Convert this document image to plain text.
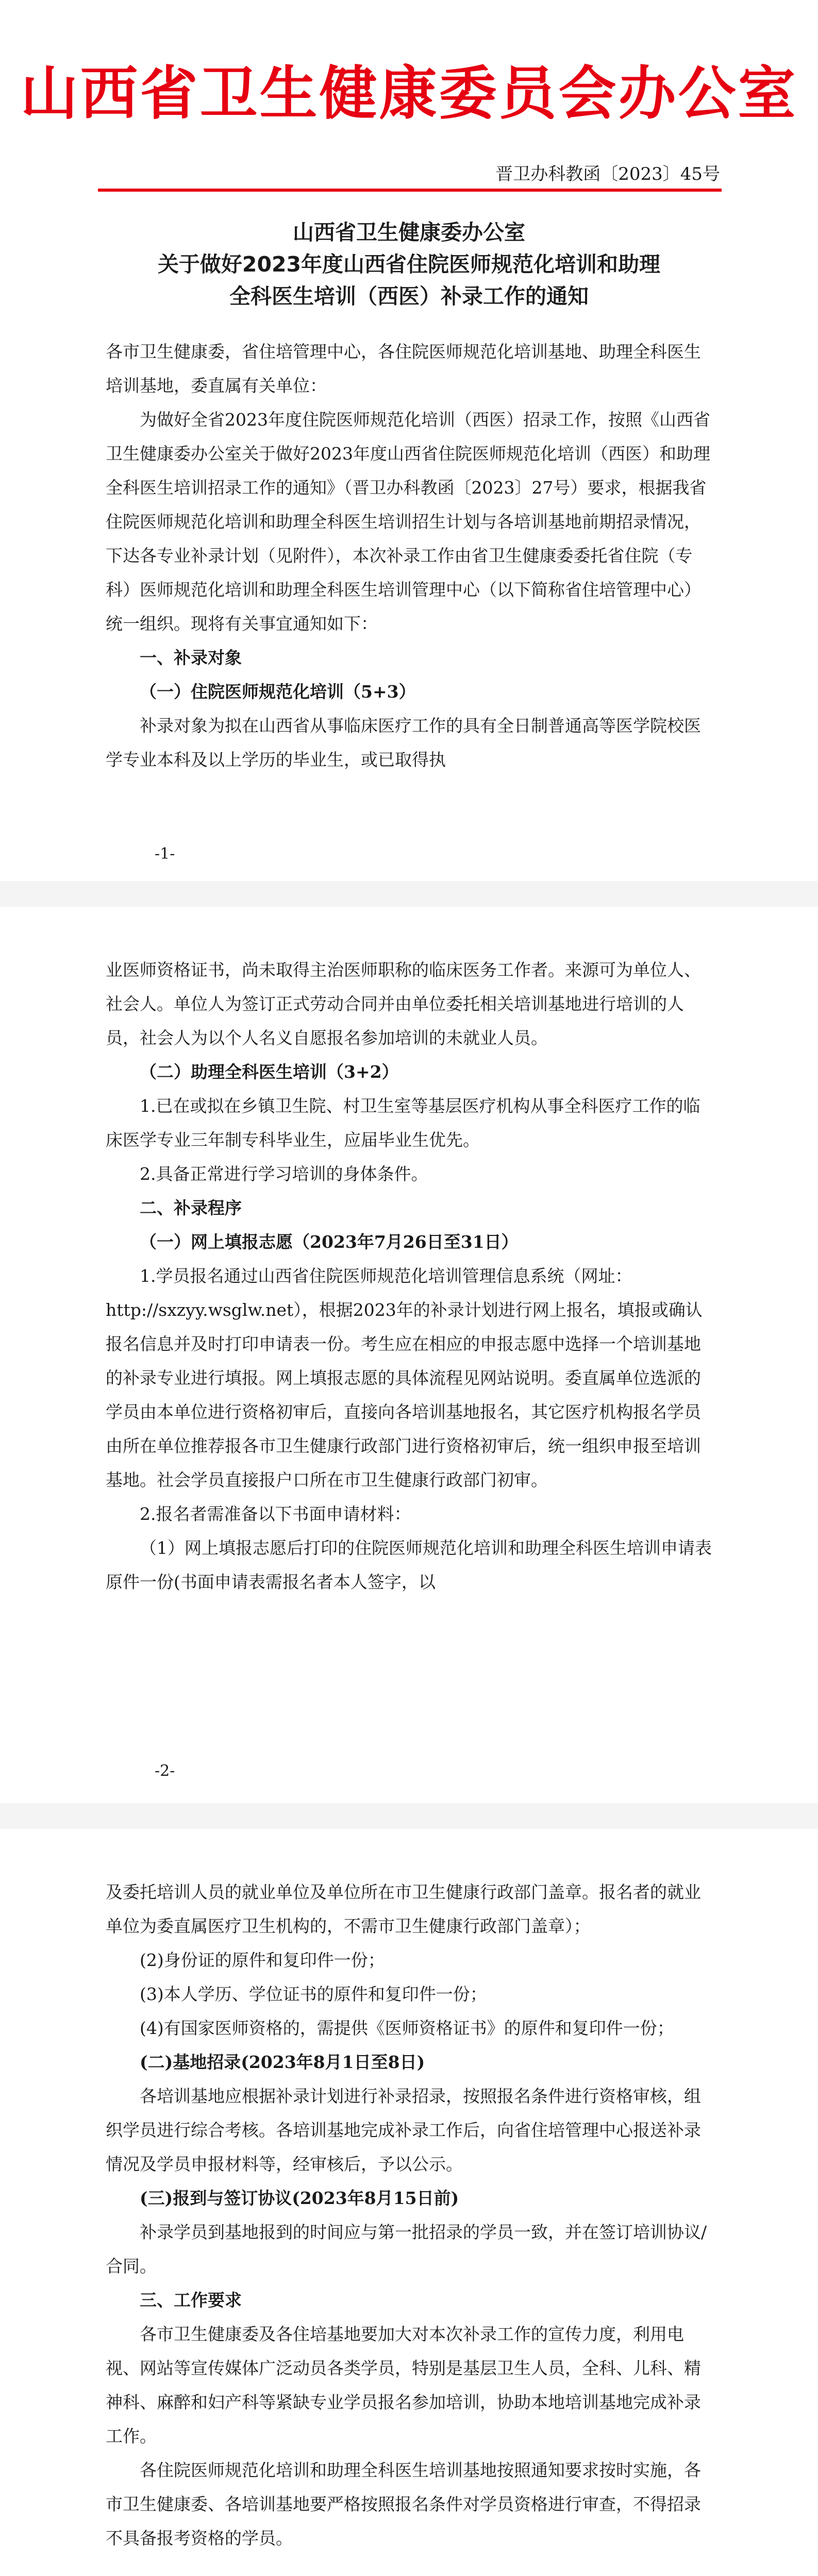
山西省卫生健康委员会办公室
晋卫办科教函〔2023〕45号
山西省卫生健康委办公室
关于做好2023年度山西省住院医师规范化培训和助理
全科医生培训（西医）补录工作的通知

各市卫生健康委，省住培管理中心，各住院医师规范化培训基地、助理全科医生培训基地，委直属有关单位：

为做好全省2023年度住院医师规范化培训（西医）招录工作，按照《山西省卫生健康委办公室关于做好2023年度山西省住院医师规范化培训（西医）和助理全科医生培训招录工作的通知》（晋卫办科教函〔2023〕27号）要求，根据我省住院医师规范化培训和助理全科医生培训招生计划与各培训基地前期招录情况，下达各专业补录计划（见附件），本次补录工作由省卫生健康委委托省住院（专科）医师规范化培训和助理全科医生培训管理中心（以下简称省住培管理中心）统一组织。现将有关事宜通知如下：

一、补录对象

（一）住院医师规范化培训（5+3）

补录对象为拟在山西省从事临床医疗工作的具有全日制普通高等医学院校医学专业本科及以上学历的毕业生，或已取得执

-1-

业医师资格证书，尚未取得主治医师职称的临床医务工作者。来源可为单位人、社会人。单位人为签订正式劳动合同并由单位委托相关培训基地进行培训的人员，社会人为以个人名义自愿报名参加培训的未就业人员。

（二）助理全科医生培训（3+2）

1.已在或拟在乡镇卫生院、村卫生室等基层医疗机构从事全科医疗工作的临床医学专业三年制专科毕业生，应届毕业生优先。

2.具备正常进行学习培训的身体条件。

二、补录程序

（一）网上填报志愿（2023年7月26日至31日）

1.学员报名通过山西省住院医师规范化培训管理信息系统（网址：http://sxzyy.wsglw.net），根据2023年的补录计划进行网上报名，填报或确认报名信息并及时打印申请表一份。考生应在相应的申报志愿中选择一个培训基地的补录专业进行填报。网上填报志愿的具体流程见网站说明。委直属单位选派的学员由本单位进行资格初审后，直接向各培训基地报名，其它医疗机构报名学员由所在单位推荐报各市卫生健康行政部门进行资格初审后，统一组织申报至培训基地。社会学员直接报户口所在市卫生健康行政部门初审。

2.报名者需准备以下书面申请材料：

（1）网上填报志愿后打印的住院医师规范化培训和助理全科医生培训申请表原件一份(书面申请表需报名者本人签字，以

-2-

及委托培训人员的就业单位及单位所在市卫生健康行政部门盖章。报名者的就业单位为委直属医疗卫生机构的，不需市卫生健康行政部门盖章）；

(2)身份证的原件和复印件一份；

(3)本人学历、学位证书的原件和复印件一份；

(4)有国家医师资格的，需提供《医师资格证书》的原件和复印件一份；

(二)基地招录(2023年8月1日至8日)

各培训基地应根据补录计划进行补录招录，按照报名条件进行资格审核，组织学员进行综合考核。各培训基地完成补录工作后，向省住培管理中心报送补录情况及学员申报材料等，经审核后，予以公示。

(三)报到与签订协议(2023年8月15日前)

补录学员到基地报到的时间应与第一批招录的学员一致，并在签订培训协议/合同。

三、工作要求

各市卫生健康委及各住培基地要加大对本次补录工作的宣传力度，利用电视、网站等宣传媒体广泛动员各类学员，特别是基层卫生人员，全科、儿科、精神科、麻醉和妇产科等紧缺专业学员报名参加培训，协助本地培训基地完成补录工作。

各住院医师规范化培训和助理全科医生培训基地按照通知要求按时实施，各市卫生健康委、各培训基地要严格按照报名条件对学员资格进行审查，不得招录不具备报考资格的学员。
